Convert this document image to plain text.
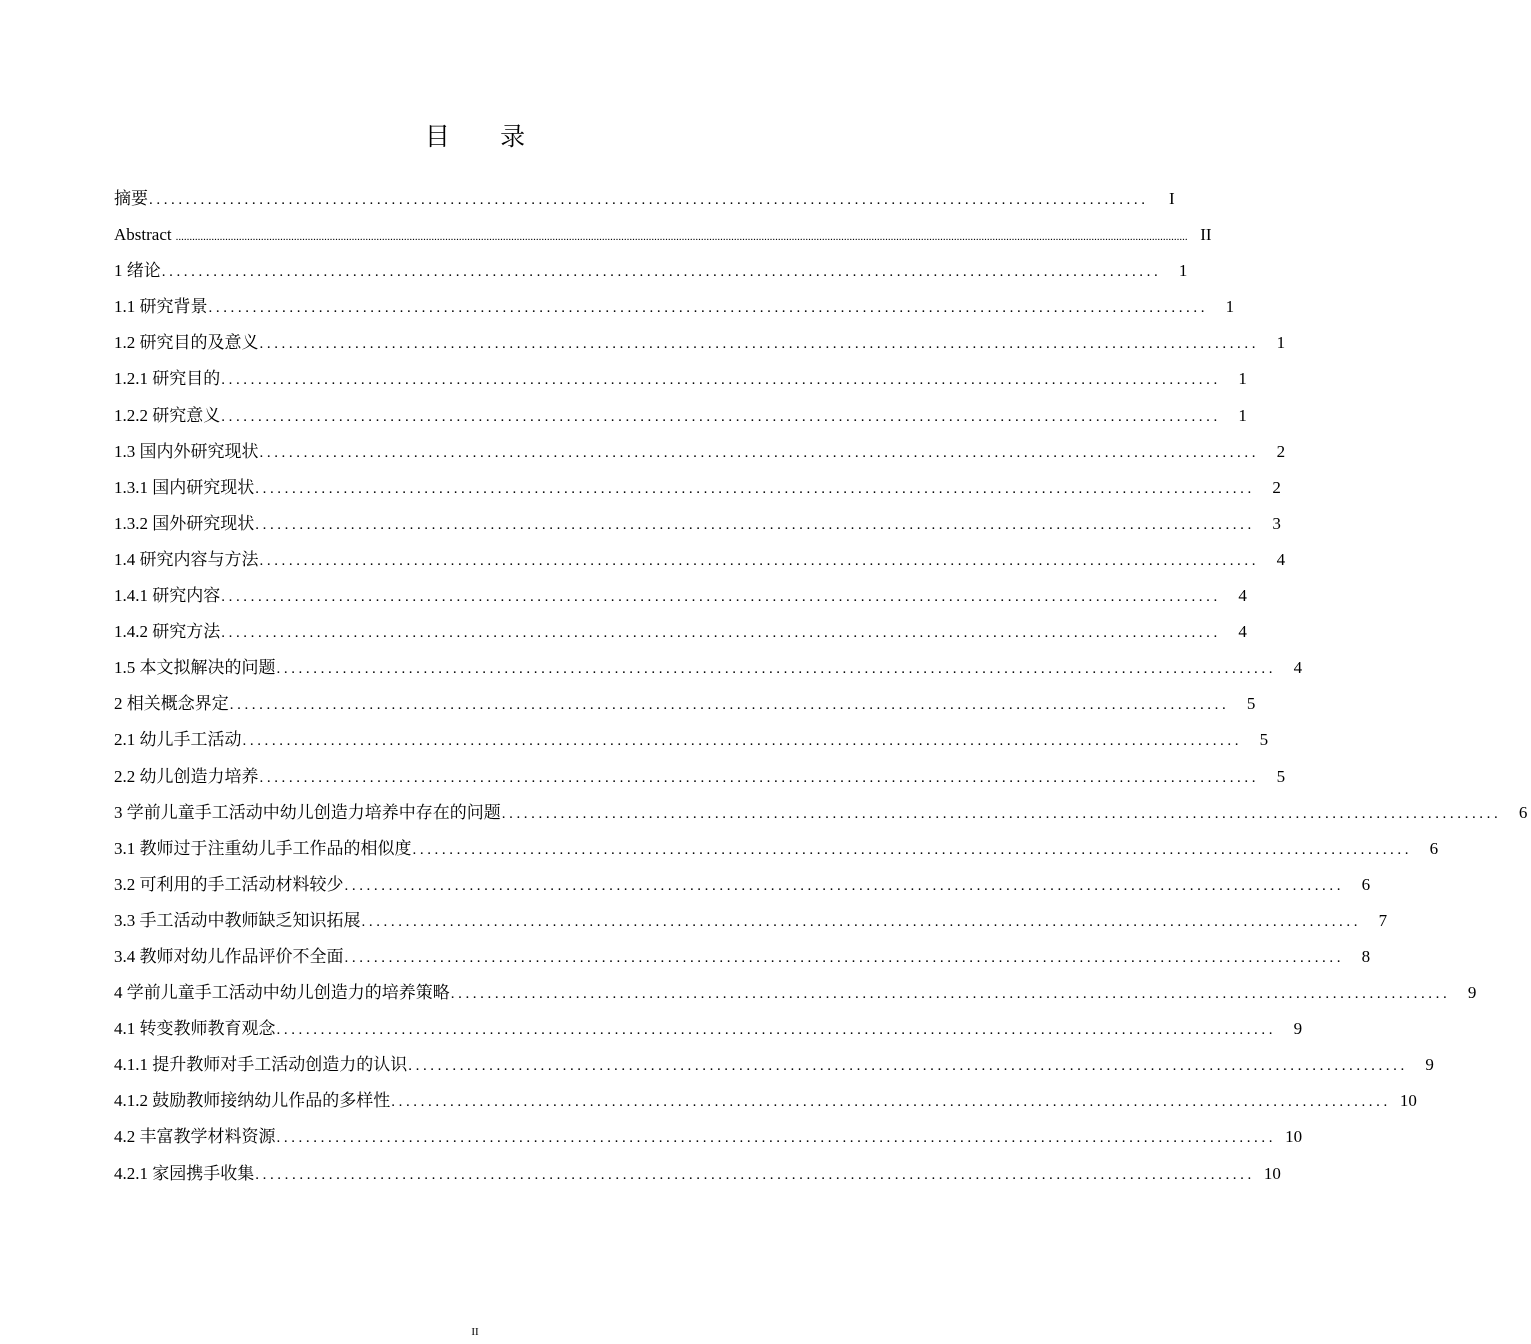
目 录
摘要 ........................................................................................................................................	I
Abstract ................................................................................................................................................................................................................................................................................................................................................................................ II
1 绪论 ........................................................................................................................................	1
1.1 研究背景 ........................................................................................................................................	1
1.2 研究目的及意义 ........................................................................................................................................	1
1.2.1 研究目的 ........................................................................................................................................	1
1.2.2 研究意义 ........................................................................................................................................	1
1.3 国内外研究现状 ........................................................................................................................................	2
1.3.1 国内研究现状 ........................................................................................................................................	2
1.3.2 国外研究现状 ........................................................................................................................................	3
1.4 研究内容与方法 ........................................................................................................................................	4
1.4.1 研究内容 ........................................................................................................................................	4
1.4.2 研究方法 ........................................................................................................................................	4
1.5 本文拟解决的问题 ........................................................................................................................................	4
2 相关概念界定 ........................................................................................................................................	5
2.1 幼儿手工活动 ........................................................................................................................................	5
2.2 幼儿创造力培养 ........................................................................................................................................	5
3 学前儿童手工活动中幼儿创造力培养中存在的问题 ........................................................................................................................................	6
3.1 教师过于注重幼儿手工作品的相似度 ........................................................................................................................................	6
3.2 可利用的手工活动材料较少 ........................................................................................................................................	6
3.3 手工活动中教师缺乏知识拓展 ........................................................................................................................................	7
3.4 教师对幼儿作品评价不全面 ........................................................................................................................................	8
4 学前儿童手工活动中幼儿创造力的培养策略 ........................................................................................................................................	9
4.1 转变教师教育观念 ........................................................................................................................................	9
4.1.1 提升教师对手工活动创造力的认识 ........................................................................................................................................	9
4.1.2 鼓励教师接纳幼儿作品的多样性 ........................................................................................................................................ 10
4.2 丰富教学材料资源 ........................................................................................................................................ 10
4.2.1 家园携手收集 ........................................................................................................................................ 10
II
